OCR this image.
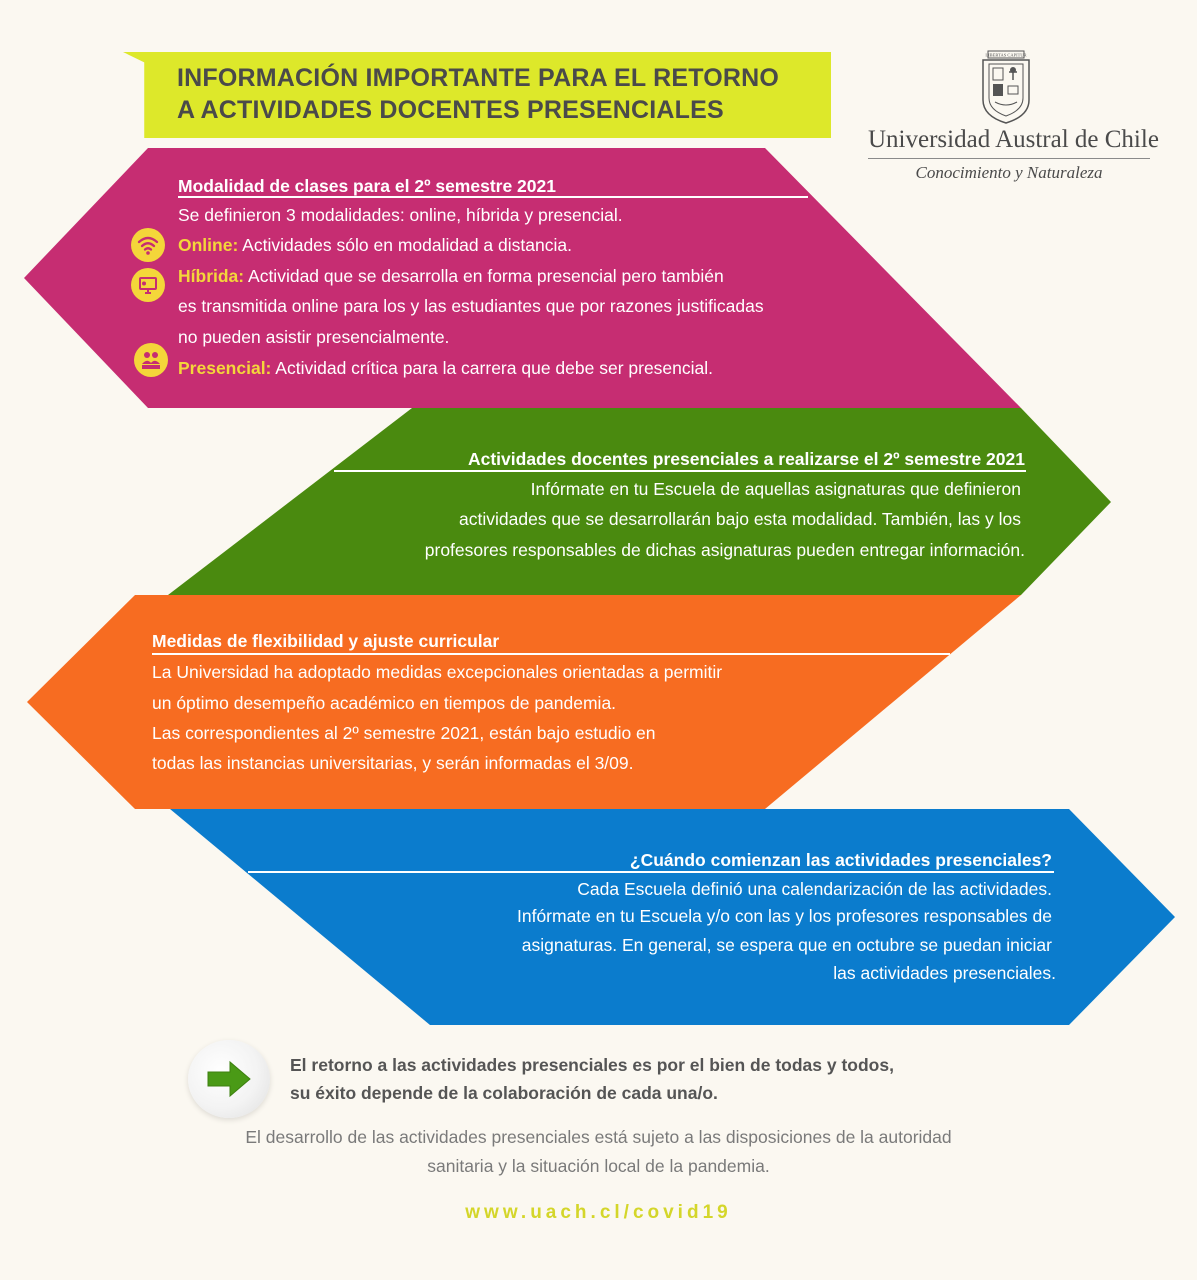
INFORMACIÓN IMPORTANTE PARA EL RETORNO
A ACTIVIDADES DOCENTES PRESENCIALES
LIBERTAS CAPITUR
Universidad Austral de Chile
Conocimiento y Naturaleza
Modalidad de clases para el 2º semestre 2021
Se definieron 3 modalidades: online, híbrida y presencial.
Online: Actividades sólo en modalidad a distancia.
Híbrida: Actividad que se desarrolla en forma presencial pero también
es transmitida online para los y las estudiantes que por razones justificadas
no pueden asistir presencialmente.
Presencial: Actividad crítica para la carrera que debe ser presencial.
Actividades docentes presenciales a realizarse el 2º semestre 2021
Infórmate en tu Escuela de aquellas asignaturas que definieron
actividades que se desarrollarán bajo esta modalidad. También, las y los
profesores responsables de dichas asignaturas pueden entregar información.
Medidas de flexibilidad y ajuste curricular
La Universidad ha adoptado medidas excepcionales orientadas a permitir
un óptimo desempeño académico en tiempos de pandemia.
Las correspondientes al 2º semestre 2021, están bajo estudio en
todas las instancias universitarias, y serán informadas el 3/09.
¿Cuándo comienzan las actividades presenciales?
Cada Escuela definió una calendarización de las actividades.
Infórmate en tu Escuela y/o con las y los profesores responsables de
asignaturas. En general, se espera que en octubre se puedan iniciar
las actividades presenciales.
El retorno a las actividades presenciales es por el bien de todas y todos,
su éxito depende de la colaboración de cada una/o.
El desarrollo de las actividades presenciales está sujeto a las disposiciones de la autoridad
sanitaria y la situación local de la pandemia.
www.uach.cl/covid19
